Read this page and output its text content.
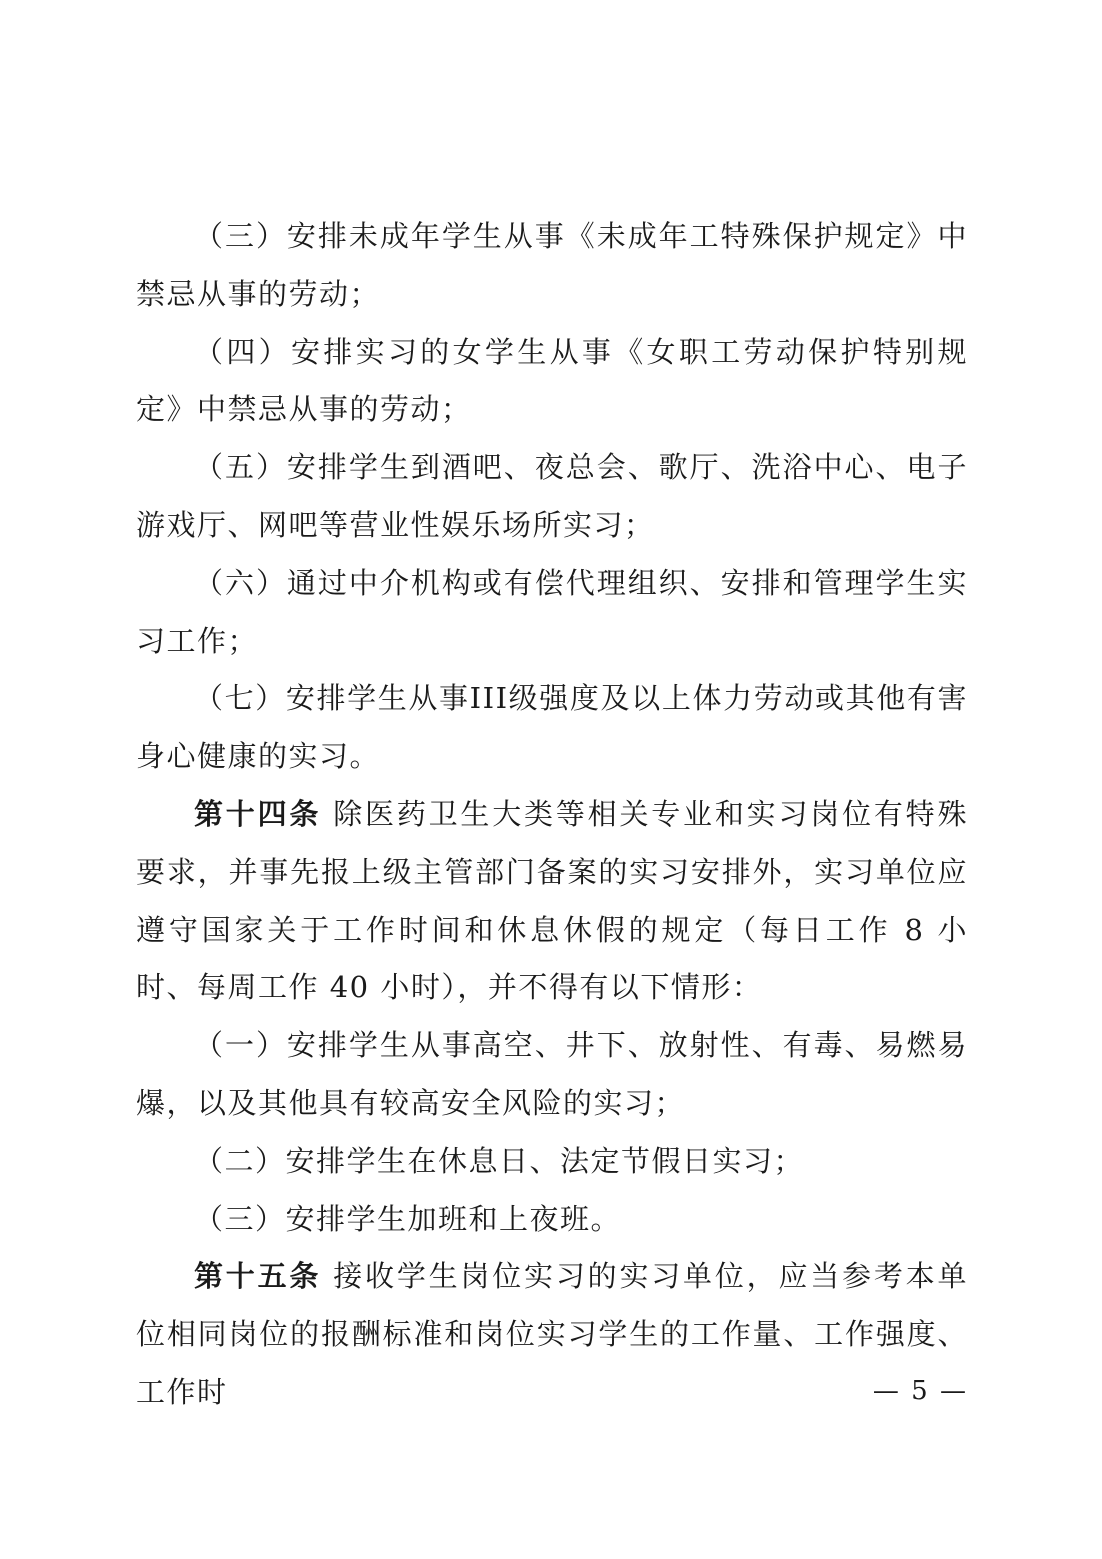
（三）安排未成年学生从事《未成年工特殊保护规定》中禁忌从事的劳动；

（四）安排实习的女学生从事《女职工劳动保护特别规定》中禁忌从事的劳动；

（五）安排学生到酒吧、夜总会、歌厅、洗浴中心、电子游戏厅、网吧等营业性娱乐场所实习；

（六）通过中介机构或有偿代理组织、安排和管理学生实习工作；

（七）安排学生从事III级强度及以上体力劳动或其他有害身心健康的实习。

第十四条 除医药卫生大类等相关专业和实习岗位有特殊要求，并事先报上级主管部门备案的实习安排外，实习单位应遵守国家关于工作时间和休息休假的规定（每日工作 8 小时、每周工作 40 小时），并不得有以下情形：

（一）安排学生从事高空、井下、放射性、有毒、易燃易爆，以及其他具有较高安全风险的实习；

（二）安排学生在休息日、法定节假日实习；

（三）安排学生加班和上夜班。

第十五条 接收学生岗位实习的实习单位，应当参考本单位相同岗位的报酬标准和岗位实习学生的工作量、工作强度、工作时	— 5 —
